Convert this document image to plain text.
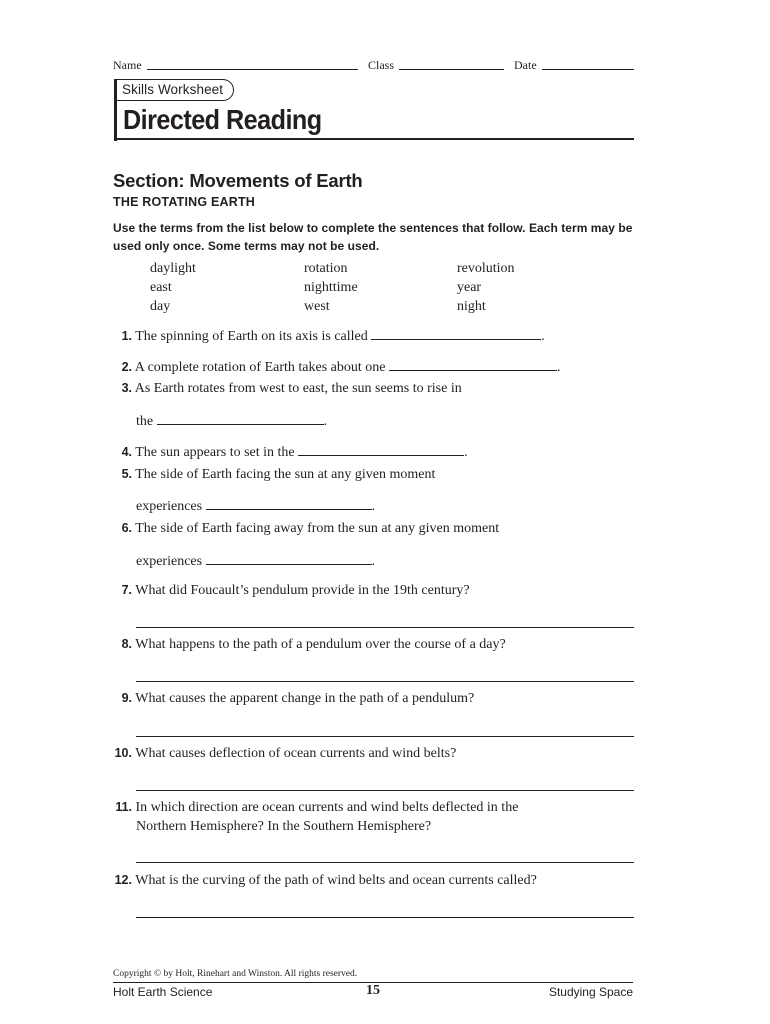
Name	Class	Date
Skills Worksheet
Directed Reading
Section: Movements of Earth
THE ROTATING EARTH
Use the terms from the list below to complete the sentences that follow. Each term may be used only once. Some terms may not be used.
daylight	rotation	revolution
east	nighttime	year
day	west	night
1. The spinning of Earth on its axis is called	.
2. A complete rotation of Earth takes about one	.
3. As Earth rotates from west to east, the sun seems to rise in
the	.
4. The sun appears to set in the	.
5. The side of Earth facing the sun at any given moment
experiences	.
6. The side of Earth facing away from the sun at any given moment
experiences	.
7. What did Foucault’s pendulum provide in the 19th century?
8. What happens to the path of a pendulum over the course of a day?
9. What causes the apparent change in the path of a pendulum?
10. What causes deflection of ocean currents and wind belts?
11. In which direction are ocean currents and wind belts deflected in the
Northern Hemisphere? In the Southern Hemisphere?
12. What is the curving of the path of wind belts and ocean currents called?
Copyright © by Holt, Rinehart and Winston. All rights reserved.
Holt Earth Science	15	Studying Space
